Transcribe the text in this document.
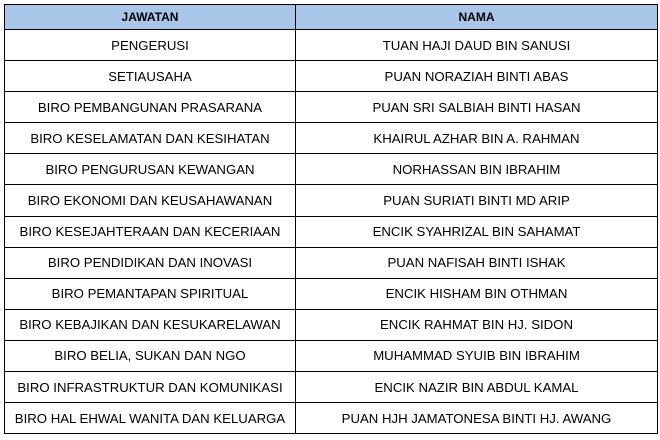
JAWATAN	NAMA
PENGERUSI	TUAN HAJI DAUD BIN SANUSI
SETIAUSAHA	PUAN NORAZIAH BINTI ABAS
BIRO PEMBANGUNAN PRASARANA	PUAN SRI SALBIAH BINTI HASAN
BIRO KESELAMATAN DAN KESIHATAN	KHAIRUL AZHAR BIN A. RAHMAN
BIRO PENGURUSAN KEWANGAN	NORHASSAN BIN IBRAHIM
BIRO EKONOMI DAN KEUSAHAWANAN	PUAN SURIATI BINTI MD ARIP
BIRO KESEJAHTERAAN DAN KECERIAAN	ENCIK SYAHRIZAL BIN SAHAMAT
BIRO PENDIDIKAN DAN INOVASI	PUAN NAFISAH BINTI ISHAK
BIRO PEMANTAPAN SPIRITUAL	ENCIK HISHAM BIN OTHMAN
BIRO KEBAJIKAN DAN KESUKARELAWAN	ENCIK RAHMAT BIN HJ. SIDON
BIRO BELIA, SUKAN DAN NGO	MUHAMMAD SYUIB BIN IBRAHIM
BIRO INFRASTRUKTUR DAN KOMUNIKASI	ENCIK NAZIR BIN ABDUL KAMAL
BIRO HAL EHWAL WANITA DAN KELUARGA	PUAN HJH JAMATONESA BINTI HJ. AWANG
